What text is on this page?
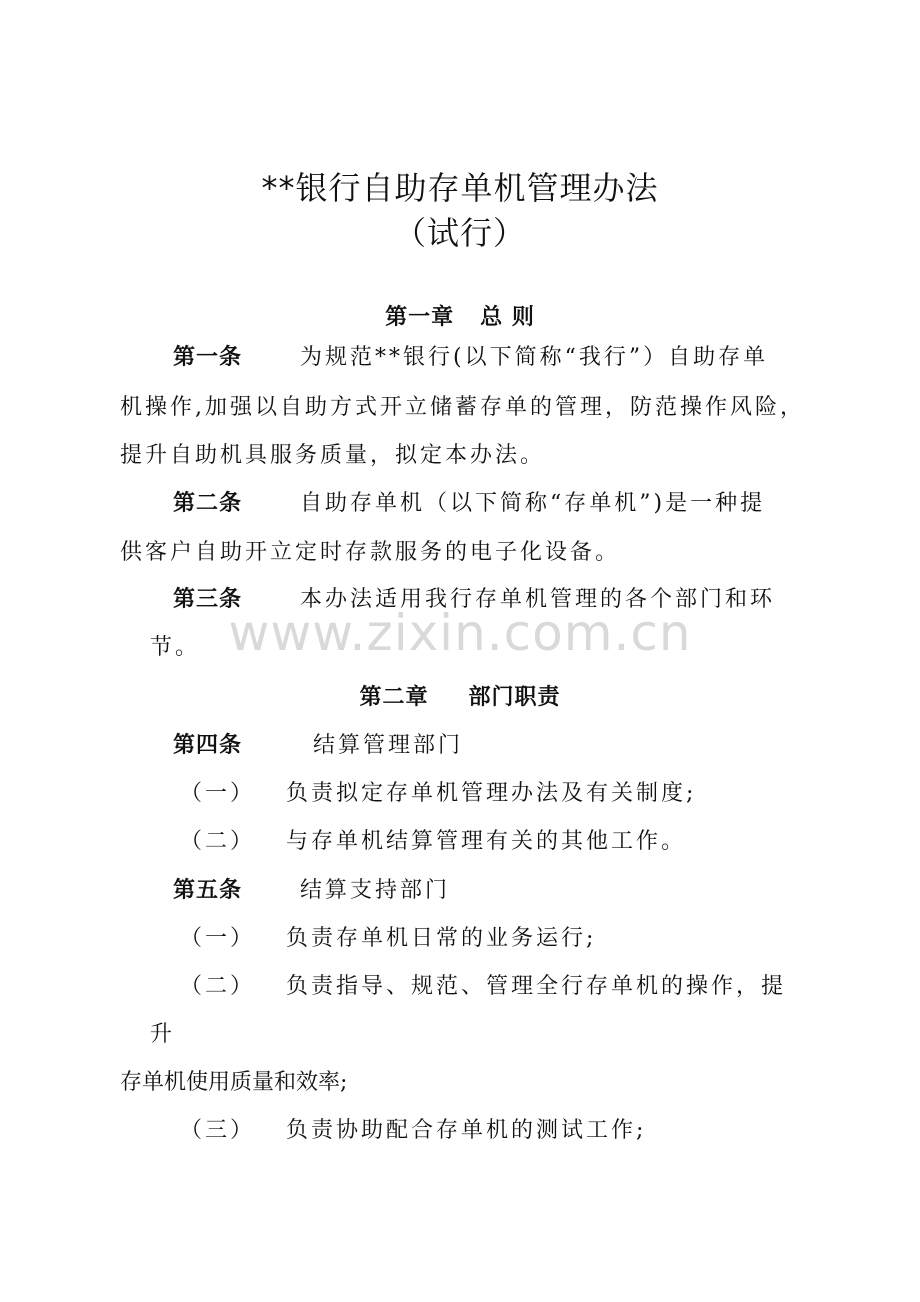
www.zixin.com.cn
**银行自助存单机管理办法
（试行）
第一章 总 则
第一条	为规范**银行(以下简称“我行”）自助存单
机操作,加强以自助方式开立储蓄存单的管理，防范操作风险，
提升自助机具服务质量，拟定本办法。
第二条	自助存单机（以下简称“存单机”)是一种提
供客户自助开立定时存款服务的电子化设备。
第三条	本办法适用我行存单机管理的各个部门和环
节。
第二章 部门职责
第四条	结算管理部门
（一） 负责拟定存单机管理办法及有关制度;
（二） 与存单机结算管理有关的其他工作。
第五条	结算支持部门
（一） 负责存单机日常的业务运行;
（二） 负责指导、规范、管理全行存单机的操作，提
升
存单机使用质量和效率;
（三） 负责协助配合存单机的测试工作;
